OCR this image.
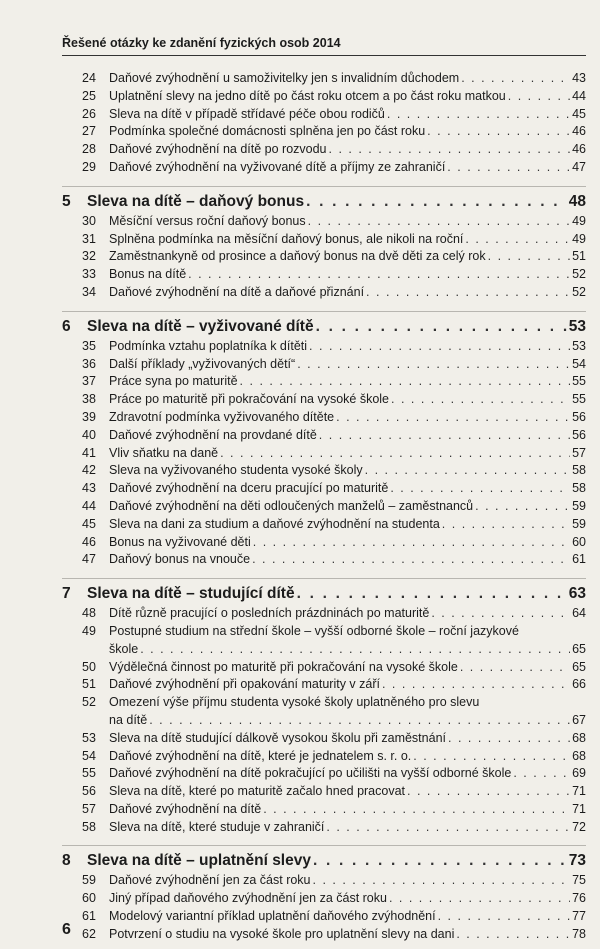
Řešené otázky ke zdanění fyzických osob 2014
24	Daňové zvýhodnění u samoživitelky jen s invalidním důchodem . . .	43
25	Uplatnění slevy na jedno dítě po část roku otcem a po část roku matkou . . .	44
26	Sleva na dítě v případě střídavé péče obou rodičů . . .	45
27	Podmínka společné domácnosti splněna jen po část roku . . .	46
28	Daňové zvýhodnění na dítě po rozvodu . . .	46
29	Daňové zvýhodnění na vyživované dítě a příjmy ze zahraničí . . .	47
5	Sleva na dítě – daňový bonus . . .	48
30	Měsíční versus roční daňový bonus . . .	49
31	Splněna podmínka na měsíční daňový bonus, ale nikoli na roční . . .	49
32	Zaměstnankyně od prosince a daňový bonus na dvě děti za celý rok . . .	51
33	Bonus na dítě . . .	52
34	Daňové zvýhodnění na dítě a daňové přiznání . . .	52
6	Sleva na dítě – vyživované dítě . . .	53
35	Podmínka vztahu poplatníka k dítěti . . .	53
36	Další příklady „vyživovaných dětí“ . . .	54
37	Práce syna po maturitě . . .	55
38	Práce po maturitě při pokračování na vysoké škole . . .	55
39	Zdravotní podmínka vyživovaného dítěte . . .	56
40	Daňové zvýhodnění na provdané dítě . . .	56
41	Vliv sňatku na daně . . .	57
42	Sleva na vyživovaného studenta vysoké školy . . .	58
43	Daňové zvýhodnění na dceru pracující po maturitě . . .	58
44	Daňové zvýhodnění na děti odloučených manželů – zaměstnanců . . .	59
45	Sleva na dani za studium a daňové zvýhodnění na studenta . . .	59
46	Bonus na vyživované děti . . .	60
47	Daňový bonus na vnouče . . .	61
7	Sleva na dítě – studující dítě . . .	63
48	Dítě různě pracující o posledních prázdninách po maturitě . . .	64
49	Postupné studium na střední škole – vyšší odborné škole – roční jazykové
škole . . .	65
50	Výdělečná činnost po maturitě při pokračování na vysoké škole . . .	65
51	Daňové zvýhodnění při opakování maturity v září . . .	66
52	Omezení výše příjmu studenta vysoké školy uplatněného pro slevu
na dítě . . .	67
53	Sleva na dítě studující dálkově vysokou školu při zaměstnání . . .	68
54	Daňové zvýhodnění na dítě, které je jednatelem s. r. o. . . .	68
55	Daňové zvýhodnění na dítě pokračující po učilišti na vyšší odborné škole . . .	69
56	Sleva na dítě, které po maturitě začalo hned pracovat . . .	71
57	Daňové zvýhodnění na dítě . . .	71
58	Sleva na dítě, které studuje v zahraničí . . .	72
8	Sleva na dítě – uplatnění slevy . . .	73
59	Daňové zvýhodnění jen za část roku . . .	75
60	Jiný případ daňového zvýhodnění jen za část roku . . .	76
61	Modelový variantní příklad uplatnění daňového zvýhodnění . . .	77
62	Potvrzení o studiu na vysoké škole pro uplatnění slevy na dani . . .	78
6
